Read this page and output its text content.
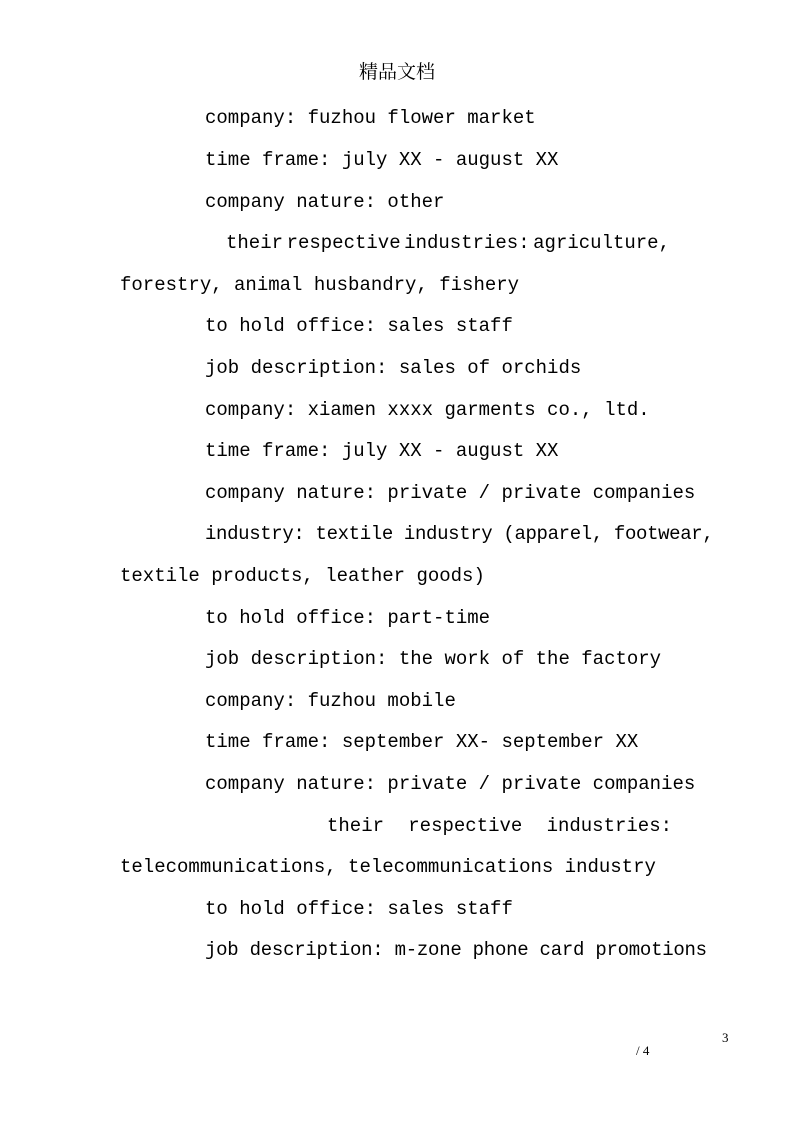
精品文档
company: fuzhou flower market
time frame: july XX - august XX
company nature: other
their respective industries: agriculture,
forestry, animal husbandry, fishery
to hold office: sales staff
job description: sales of orchids
company: xiamen xxxx garments co., ltd.
time frame: july XX - august XX
company nature: private / private companies
industry: textile industry (apparel, footwear,
textile products, leather goods)
to hold office: part-time
job description: the work of the factory
company: fuzhou mobile
time frame: september XX- september XX
company nature: private / private companies
their respective industries:
telecommunications, telecommunications industry
to hold office: sales staff
job description: m-zone phone card promotions
3
/ 4
